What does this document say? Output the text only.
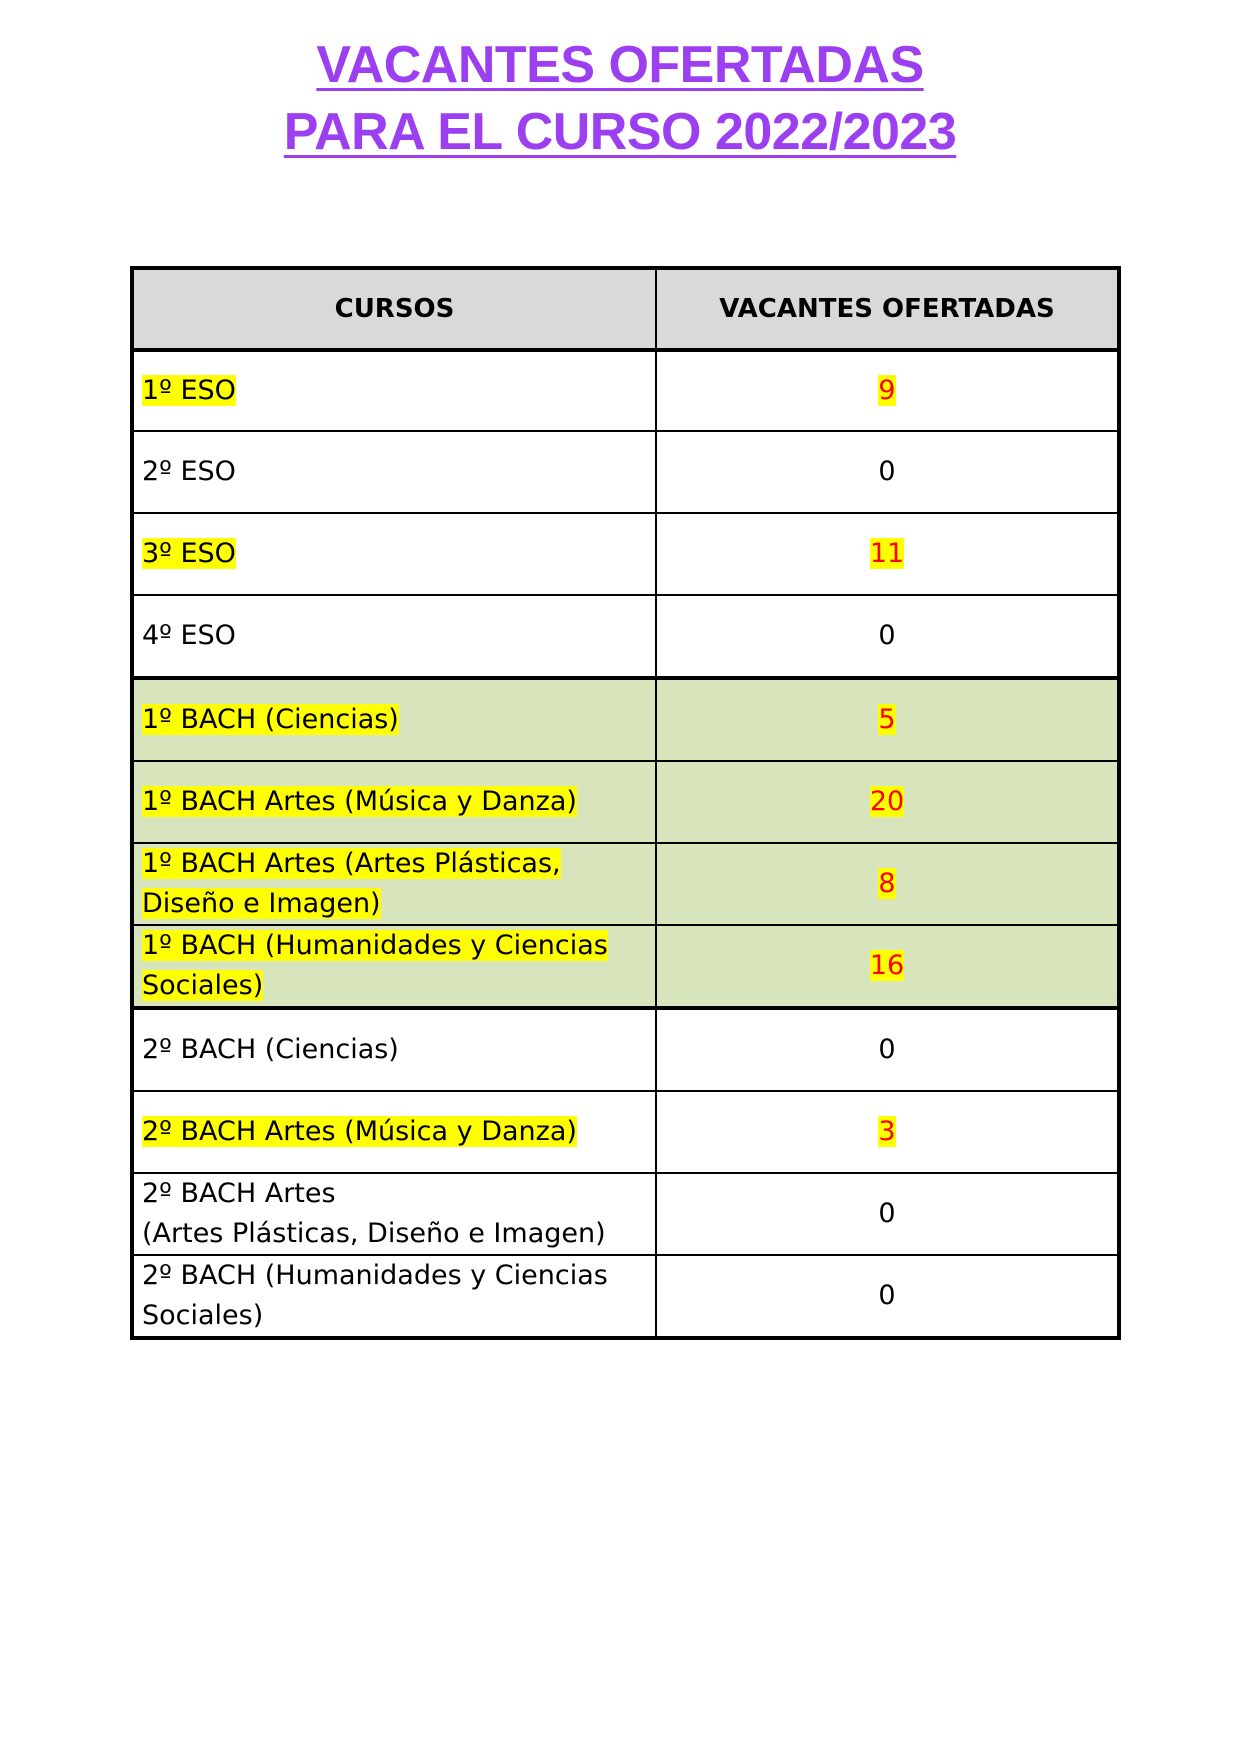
VACANTES OFERTADAS
PARA EL CURSO 2022/2023
CURSOS	VACANTES OFERTADAS
1º ESO	9
2º ESO	0
3º ESO	11
4º ESO	0
1º BACH (Ciencias)	5
1º BACH Artes (Música y Danza)	20
1º BACH Artes (Artes Plásticas,
Diseño e Imagen)	8
1º BACH (Humanidades y Ciencias
Sociales)	16
2º BACH (Ciencias)	0
2º BACH Artes (Música y Danza)	3
2º BACH Artes
(Artes Plásticas, Diseño e Imagen)	0
2º BACH (Humanidades y Ciencias
Sociales)	0
